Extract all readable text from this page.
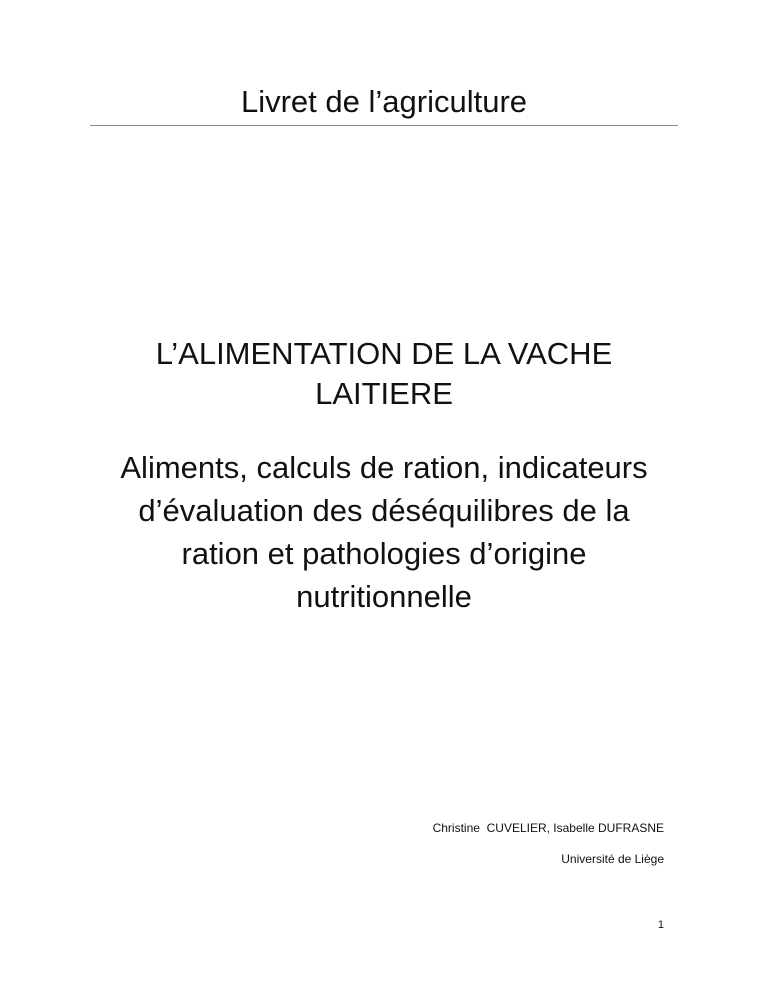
Livret de l’agriculture
L’ALIMENTATION DE LA VACHE
LAITIERE
Aliments, calculs de ration, indicateurs
d’évaluation des déséquilibres de la
ration et pathologies d’origine
nutritionnelle
Christine  CUVELIER, Isabelle DUFRASNE
Université de Liège
1
